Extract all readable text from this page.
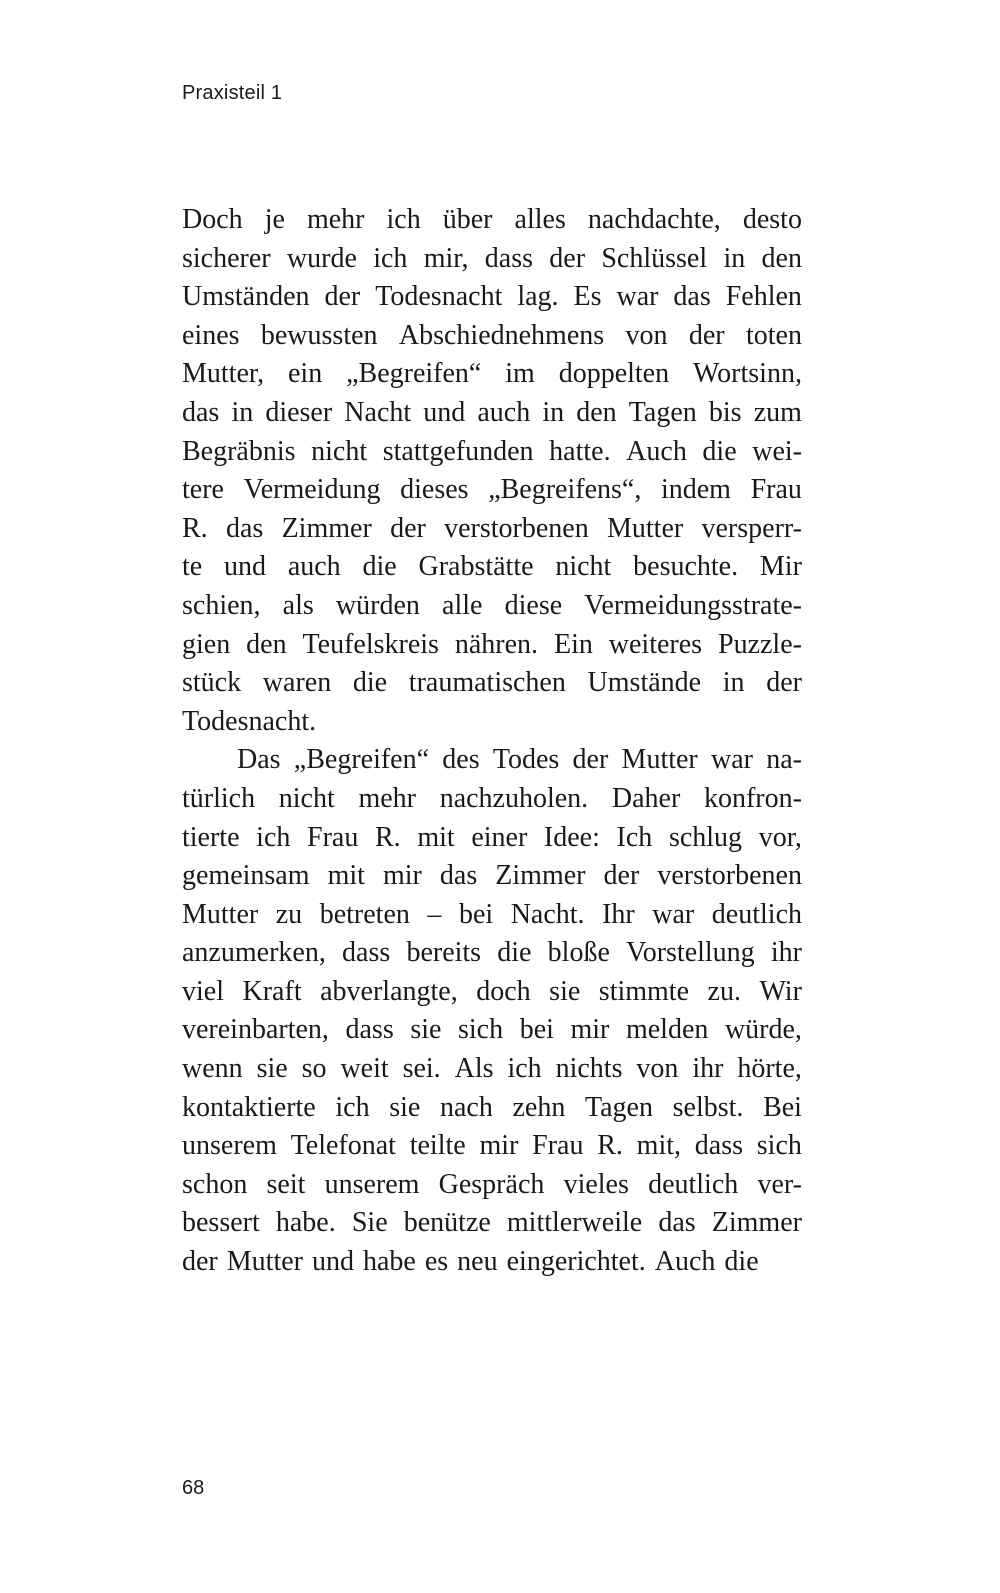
Praxisteil 1
Doch je mehr ich über alles nachdachte, desto
sicherer wurde ich mir, dass der Schlüssel in den
Umständen der Todesnacht lag. Es war das Fehlen
eines bewussten Abschiednehmens von der toten
Mutter, ein „Begreifen“ im doppelten Wortsinn,
das in dieser Nacht und auch in den Tagen bis zum
Begräbnis nicht stattgefunden hatte. Auch die wei-
tere Vermeidung dieses „Begreifens“, indem Frau
R. das Zimmer der verstorbenen Mutter versperr-
te und auch die Grabstätte nicht besuchte. Mir
schien, als würden alle diese Vermeidungsstrate-
gien den Teufelskreis nähren. Ein weiteres Puzzle-
stück waren die traumatischen Umstände in der
Todesnacht.
Das „Begreifen“ des Todes der Mutter war na-
türlich nicht mehr nachzuholen. Daher konfron-
tierte ich Frau R. mit einer Idee: Ich schlug vor,
gemeinsam mit mir das Zimmer der verstorbenen
Mutter zu betreten – bei Nacht. Ihr war deutlich
anzumerken, dass bereits die bloße Vorstellung ihr
viel Kraft abverlangte, doch sie stimmte zu. Wir
vereinbarten, dass sie sich bei mir melden würde,
wenn sie so weit sei. Als ich nichts von ihr hörte,
kontaktierte ich sie nach zehn Tagen selbst. Bei
unserem Telefonat teilte mir Frau R. mit, dass sich
schon seit unserem Gespräch vieles deutlich ver-
bessert habe. Sie benütze mittlerweile das Zimmer
der Mutter und habe es neu eingerichtet. Auch die
68
